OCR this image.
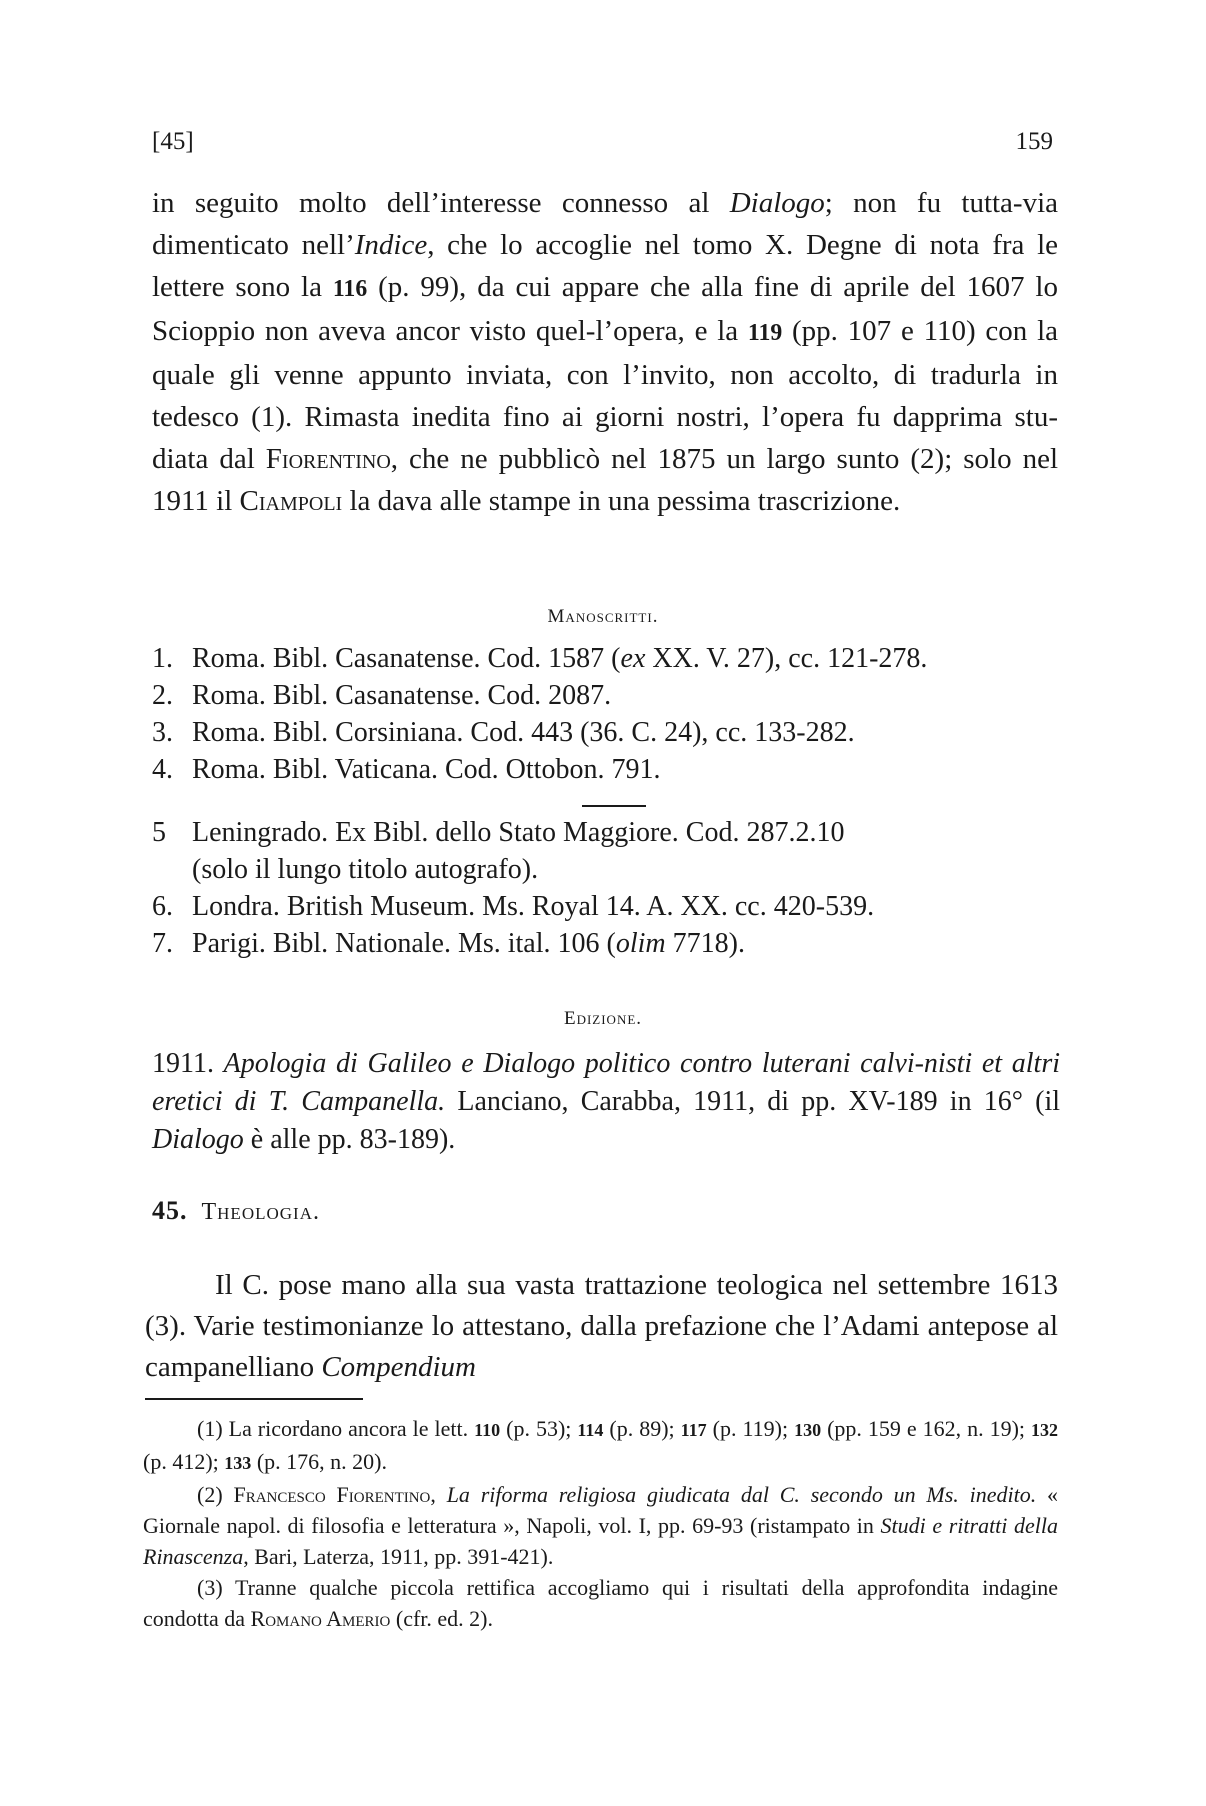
[45]	159
in seguito molto dell’interesse connesso al Dialogo; non fu tutta-via dimenticato nell’Indice, che lo accoglie nel tomo X. Degne di nota fra le lettere sono la 116 (p. 99), da cui appare che alla fine di aprile del 1607 lo Scioppio non aveva ancor visto quel-l’opera, e la 119 (pp. 107 e 110) con la quale gli venne appunto inviata, con l’invito, non accolto, di tradurla in tedesco (1). Rimasta inedita fino ai giorni nostri, l’opera fu dapprima stu-diata dal Fiorentino, che ne pubblicò nel 1875 un largo sunto (2); solo nel 1911 il Ciampoli la dava alle stampe in una pessima trascrizione.
Manoscritti.
1. Roma. Bibl. Casanatense. Cod. 1587 (ex XX. V. 27), cc. 121-278.
2. Roma. Bibl. Casanatense. Cod. 2087.
3. Roma. Bibl. Corsiniana. Cod. 443 (36. C. 24), cc. 133-282.
4. Roma. Bibl. Vaticana. Cod. Ottobon. 791.
5 Leningrado. Ex Bibl. dello Stato Maggiore. Cod. 287.2.10
(solo il lungo titolo autografo).
6. Londra. British Museum. Ms. Royal 14. A. XX. cc. 420-539.
7. Parigi. Bibl. Nationale. Ms. ital. 106 (olim 7718).
Edizione.
1911. Apologia di Galileo e Dialogo politico contro luterani calvi-nisti et altri eretici di T. Campanella. Lanciano, Carabba, 1911, di pp. XV-189 in 16° (il Dialogo è alle pp. 83-189).
45. Theologia.
Il C. pose mano alla sua vasta trattazione teologica nel settembre 1613 (3). Varie testimonianze lo attestano, dalla prefazione che l’Adami antepose al campanelliano Compendium
(1) La ricordano ancora le lett. 110 (p. 53); 114 (p. 89); 117 (p. 119); 130 (pp. 159 e 162, n. 19); 132 (p. 412); 133 (p. 176, n. 20).
(2) Francesco Fiorentino, La riforma religiosa giudicata dal C. secondo un Ms. inedito. « Giornale napol. di filosofia e letteratura », Napoli, vol. I, pp. 69-93 (ristampato in Studi e ritratti della Rinascenza, Bari, Laterza, 1911, pp. 391-421).
(3) Tranne qualche piccola rettifica accogliamo qui i risultati della approfondita indagine condotta da Romano Amerio (cfr. ed. 2).
